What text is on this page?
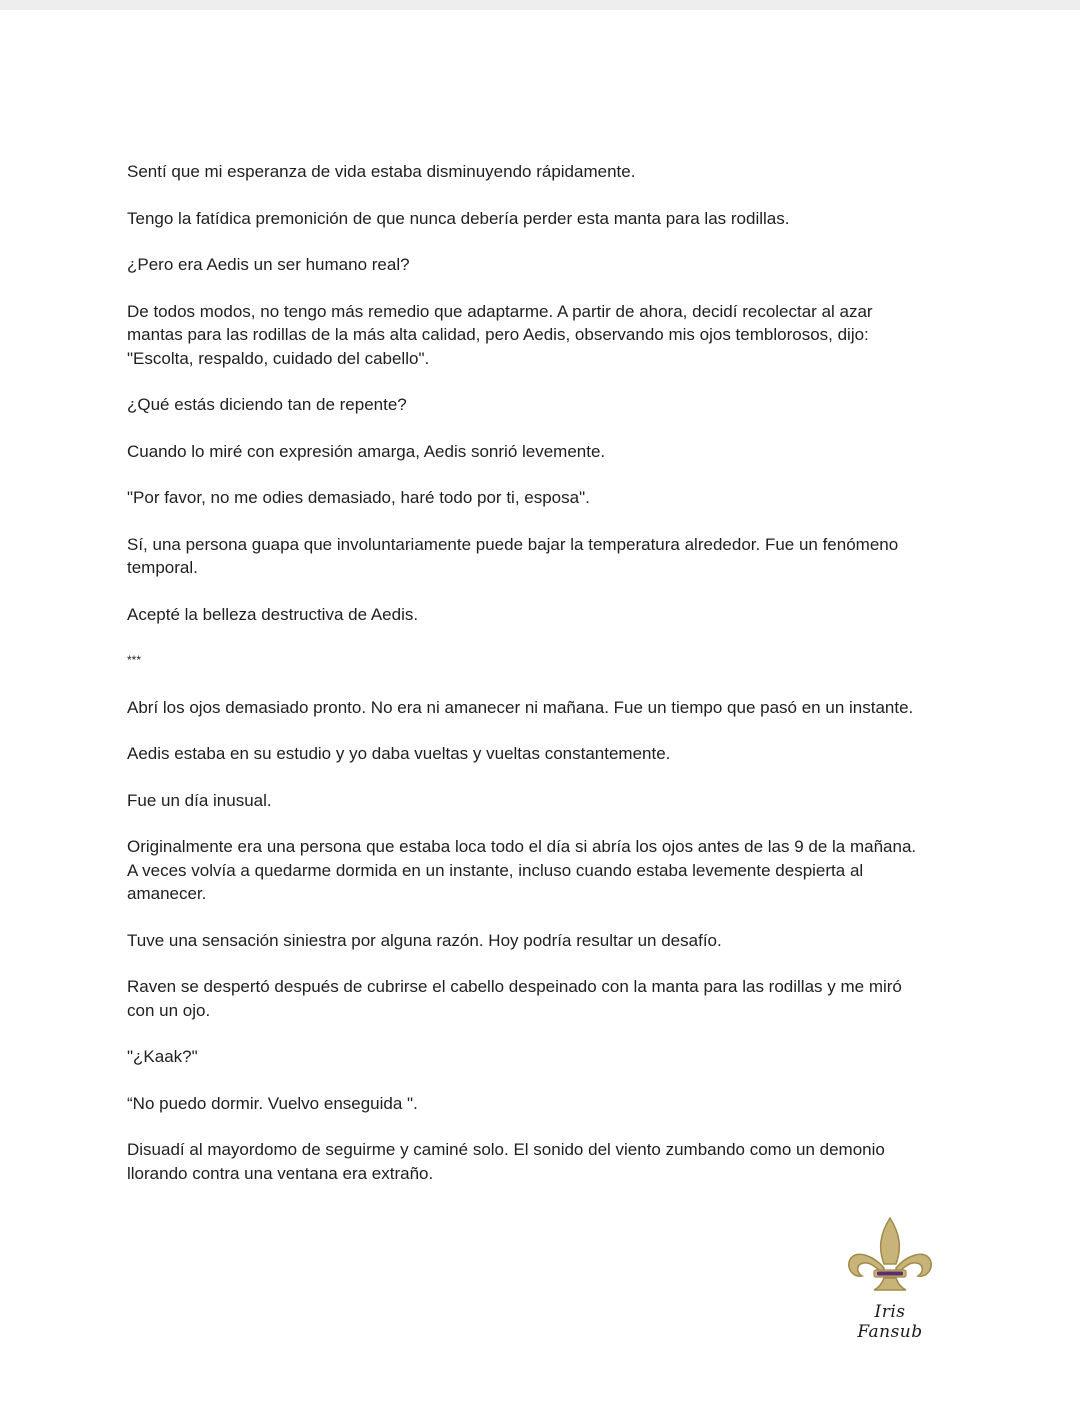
Sentí que mi esperanza de vida estaba disminuyendo rápidamente.

Tengo la fatídica premonición de que nunca debería perder esta manta para las rodillas.

¿Pero era Aedis un ser humano real?

De todos modos, no tengo más remedio que adaptarme. A partir de ahora, decidí recolectar al azar
mantas para las rodillas de la más alta calidad, pero Aedis, observando mis ojos temblorosos, dijo:
"Escolta, respaldo, cuidado del cabello".

¿Qué estás diciendo tan de repente?

Cuando lo miré con expresión amarga, Aedis sonrió levemente.

"Por favor, no me odies demasiado, haré todo por ti, esposa".

Sí, una persona guapa que involuntariamente puede bajar la temperatura alrededor. Fue un fenómeno
temporal.

Acepté la belleza destructiva de Aedis.

***

Abrí los ojos demasiado pronto. No era ni amanecer ni mañana. Fue un tiempo que pasó en un instante.

Aedis estaba en su estudio y yo daba vueltas y vueltas constantemente.

Fue un día inusual.

Originalmente era una persona que estaba loca todo el día si abría los ojos antes de las 9 de la mañana.
A veces volvía a quedarme dormida en un instante, incluso cuando estaba levemente despierta al
amanecer.

Tuve una sensación siniestra por alguna razón. Hoy podría resultar un desafío.

Raven se despertó después de cubrirse el cabello despeinado con la manta para las rodillas y me miró
con un ojo.

"¿Kaak?"

“No puedo dormir. Vuelvo enseguida ".

Disuadí al mayordomo de seguirme y caminé solo. El sonido del viento zumbando como un demonio
llorando contra una ventana era extraño.

Iris Fansub
